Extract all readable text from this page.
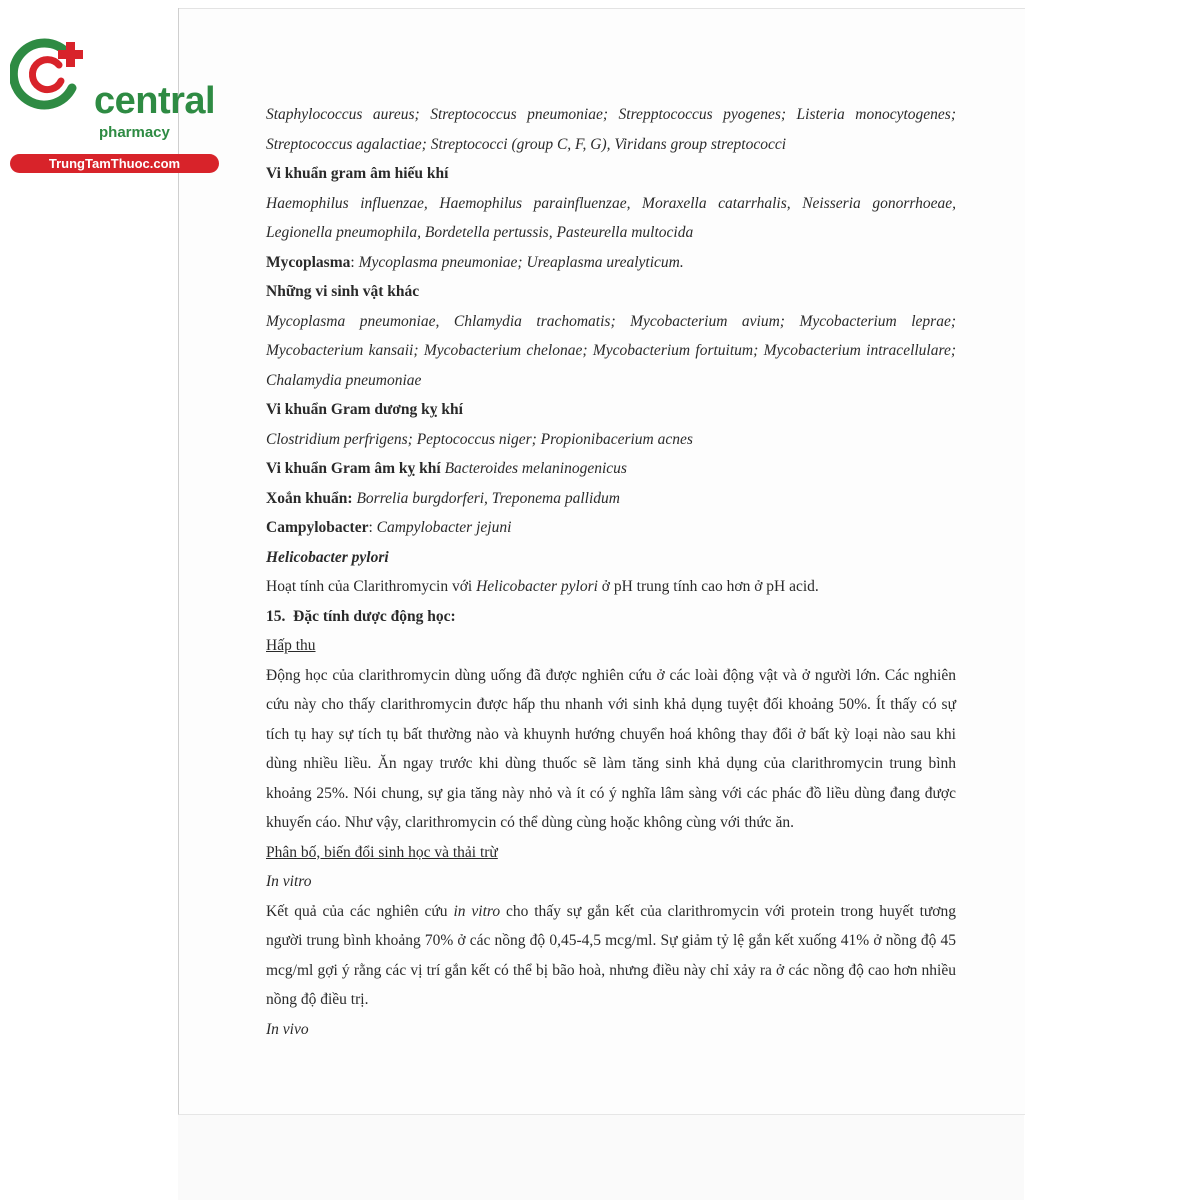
central
pharmacy
TrungTamThuoc.com

Staphylococcus aureus; Streptococcus pneumoniae; Strepptococcus pyogenes; Listeria monocytogenes; Streptococcus agalactiae; Streptococci (group C, F, G), Viridans group streptococci

Vi khuẩn gram âm hiếu khí

Haemophilus influenzae, Haemophilus parainfluenzae, Moraxella catarrhalis, Neisseria gonorrhoeae, Legionella pneumophila, Bordetella pertussis, Pasteurella multocida

Mycoplasma: Mycoplasma pneumoniae; Ureaplasma urealyticum.

Những vi sinh vật khác

Mycoplasma pneumoniae, Chlamydia trachomatis; Mycobacterium avium; Mycobacterium leprae; Mycobacterium kansaii; Mycobacterium chelonae; Mycobacterium fortuitum; Mycobacterium intracellulare; Chalamydia pneumoniae

Vi khuẩn Gram dương kỵ khí

Clostridium perfrigens; Peptococcus niger; Propionibacerium acnes

Vi khuẩn Gram âm kỵ khí Bacteroides melaninogenicus

Xoắn khuẩn: Borrelia burgdorferi, Treponema pallidum

Campylobacter: Campylobacter jejuni

Helicobacter pylori

Hoạt tính của Clarithromycin với Helicobacter pylori ở pH trung tính cao hơn ở pH acid.

15.  Đặc tính dược động học:

Hấp thu

Động học của clarithromycin dùng uống đã được nghiên cứu ở các loài động vật và ở người lớn. Các nghiên cứu này cho thấy clarithromycin được hấp thu nhanh với sinh khả dụng tuyệt đối khoảng 50%. Ít thấy có sự tích tụ hay sự tích tụ bất thường nào và khuynh hướng chuyển hoá không thay đổi ở bất kỳ loại nào sau khi dùng nhiều liều. Ăn ngay trước khi dùng thuốc sẽ làm tăng sinh khả dụng của clarithromycin trung bình khoảng 25%. Nói chung, sự gia tăng này nhỏ và ít có ý nghĩa lâm sàng với các phác đồ liều dùng đang được khuyến cáo. Như vậy, clarithromycin có thể dùng cùng hoặc không cùng với thức ăn.

Phân bố, biến đổi sinh học và thải trừ

In vitro

Kết quả của các nghiên cứu in vitro cho thấy sự gắn kết của clarithromycin với protein trong huyết tương người trung bình khoảng 70% ở các nồng độ 0,45-4,5 mcg/ml. Sự giảm tỷ lệ gắn kết xuống 41% ở nồng độ 45 mcg/ml gợi ý rằng các vị trí gắn kết có thể bị bão hoà, nhưng điều này chỉ xảy ra ở các nồng độ cao hơn nhiều nồng độ điều trị.

In vivo
